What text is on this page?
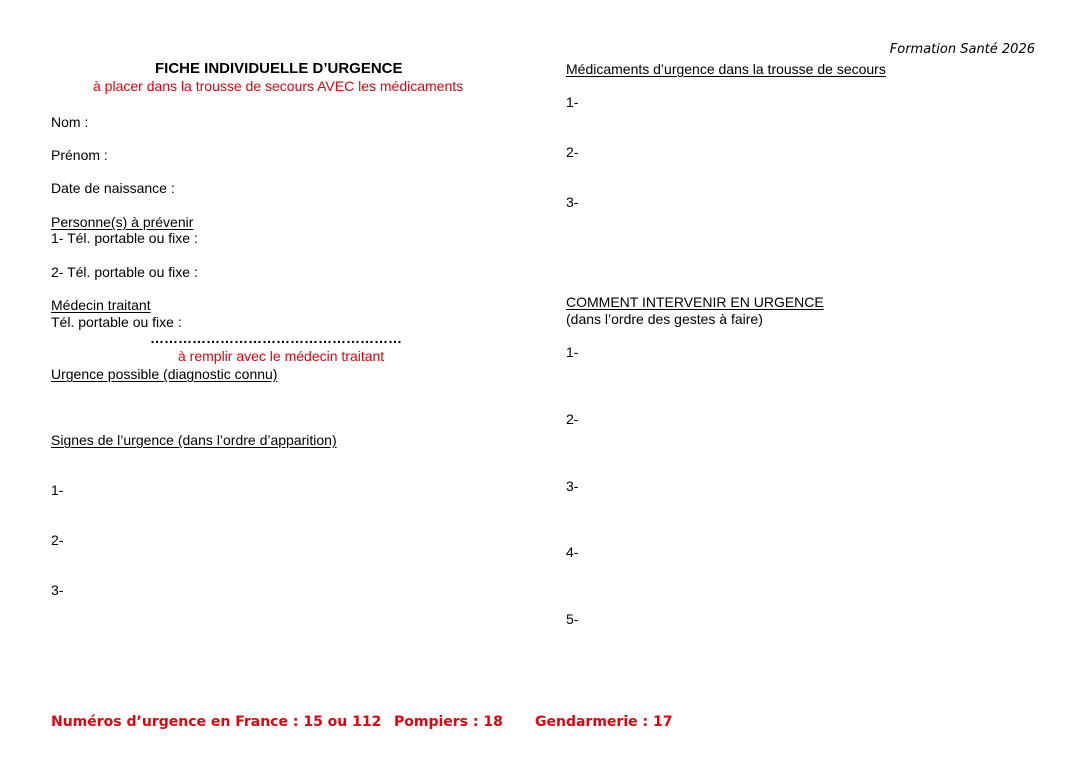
Formation Santé 2026
FICHE INDIVIDUELLE D’URGENCE
à placer dans la trousse de secours AVEC les médicaments
Nom :
Prénom :
Date de naissance :
Personne(s) à prévenir
1- Tél. portable ou fixe :
2- Tél. portable ou fixe :
Médecin traitant
Tél. portable ou fixe :
………………………………………………
à remplir avec le médecin traitant
Urgence possible (diagnostic connu)
Signes de l’urgence (dans l’ordre d’apparition)
1-
2-
3-
Médicaments d’urgence dans la trousse de secours
1-
2-
3-
COMMENT INTERVENIR EN URGENCE
(dans l’ordre des gestes à faire)
1-
2-
3-
4-
5-
Numéros d’urgence en France : 15 ou 112 Pompiers : 18 Gendarmerie : 17
